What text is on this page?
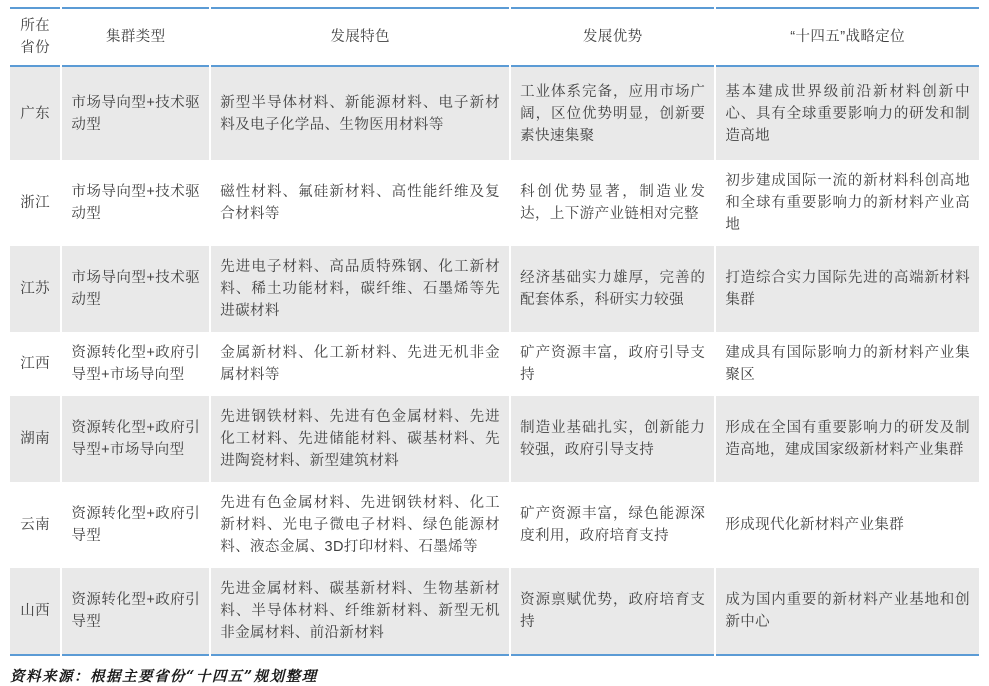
所在省份	集群类型	发展特色	发展优势	“十四五”战略定位
广东	市场导向型+技术驱动型	新型半导体材料、新能源材料、电子新材料及电子化学品、生物医用材料等	工业体系完备，应用市场广阔，区位优势明显，创新要素快速集聚	基本建成世界级前沿新材料创新中心、具有全球重要影响力的研发和制造高地
浙江	市场导向型+技术驱动型	磁性材料、氟硅新材料、高性能纤维及复合材料等	科创优势显著，制造业发达，上下游产业链相对完整	初步建成国际一流的新材料科创高地和全球有重要影响力的新材料产业高地
江苏	市场导向型+技术驱动型	先进电子材料、高品质特殊钢、化工新材料、稀土功能材料，碳纤维、石墨烯等先进碳材料	经济基础实力雄厚，完善的配套体系，科研实力较强	打造综合实力国际先进的高端新材料集群
江西	资源转化型+政府引导型+市场导向型	金属新材料、化工新材料、先进无机非金属材料等	矿产资源丰富，政府引导支持	建成具有国际影响力的新材料产业集聚区
湖南	资源转化型+政府引导型+市场导向型	先进钢铁材料、先进有色金属材料、先进化工材料、先进储能材料、碳基材料、先进陶瓷材料、新型建筑材料	制造业基础扎实，创新能力较强，政府引导支持	形成在全国有重要影响力的研发及制造高地，建成国家级新材料产业集群
云南	资源转化型+政府引导型	先进有色金属材料、先进钢铁材料、化工新材料、光电子微电子材料、绿色能源材料、液态金属、3D打印材料、石墨烯等	矿产资源丰富，绿色能源深度利用，政府培育支持	形成现代化新材料产业集群
山西	资源转化型+政府引导型	先进金属材料、碳基新材料、生物基新材料、半导体材料、纤维新材料、新型无机非金属材料、前沿新材料	资源禀赋优势，政府培育支持	成为国内重要的新材料产业基地和创新中心
资料来源：根据主要省份“十四五”规划整理
